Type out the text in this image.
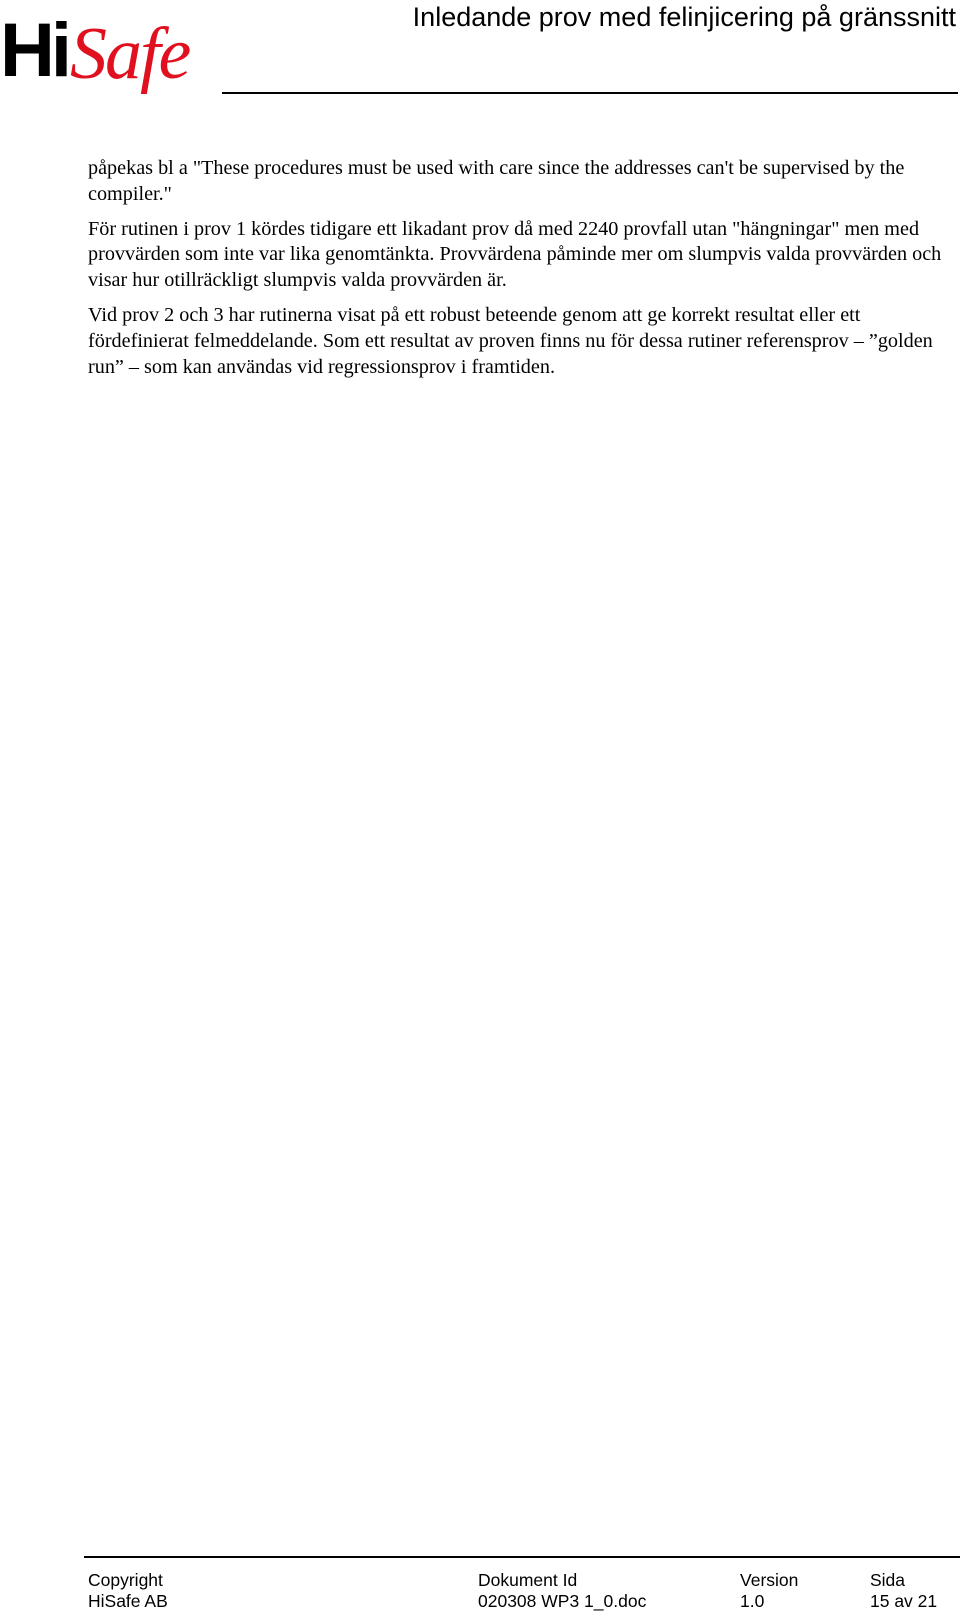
Hi Safe	Inledande prov med felinjicering på gränssnitt

påpekas bl a "These procedures must be used with care since the addresses can't be supervised by the compiler."

För rutinen i prov 1 kördes tidigare ett likadant prov då med 2240 provfall utan "hängningar" men med provvärden som inte var lika genomtänkta. Provvärdena påminde mer om slumpvis valda provvärden och visar hur otillräckligt slumpvis valda provvärden är.

Vid prov 2 och 3 har rutinerna visat på ett robust beteende genom att ge korrekt resultat eller ett fördefinierat felmeddelande. Som ett resultat av proven finns nu för dessa rutiner referensprov – ”golden run” – som kan användas vid regressionsprov i framtiden.

Copyright
HiSafe AB
Dokument Id
020308 WP3 1_0.doc
Version
1.0
Sida
15 av 21
